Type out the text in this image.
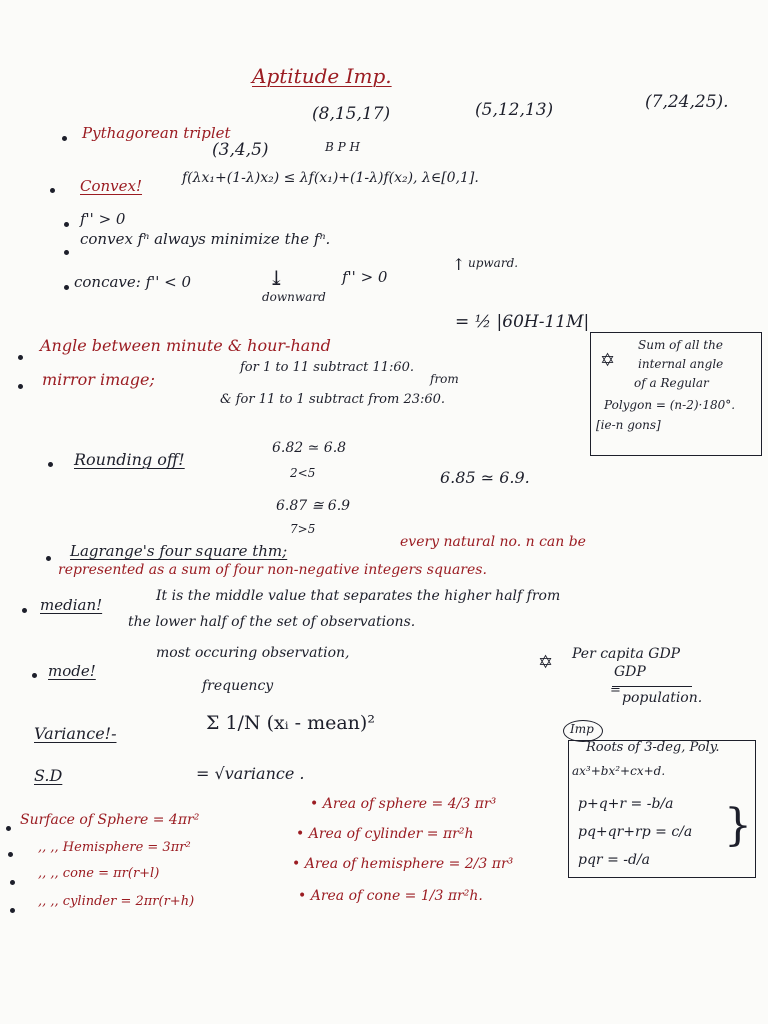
Aptitude Imp.
Pythagorean triplet
(8,15,17)	(5,12,13)	(7,24,25).
(3,4,5)	B P H
Convex!	f(λx₁+(1-λ)x₂) ≤ λf(x₁)+(1-λ)f(x₂), λ∈[0,1].
f'' > 0
convex fⁿ always minimize the fⁿ.
concave: f'' < 0	⤓
downward
f'' > 0
↑ upward.
Angle between minute & hour-hand
= ½ |60H-11M|
mirror image;
for 1 to 11 subtract 11:60.
from
& for 11 to 1 subtract from 23:60.
✡
Sum of all the
internal angle
of a Regular
Polygon = (n-2)·180°.
[ie-n gons]
Rounding off!
6.82 ≃ 6.8
2<5	6.85 ≃ 6.9.
6.87 ≅ 6.9
7>5
Lagrange's four square thm;	every natural no. n can be
represented as a sum of four non-negative integers squares.
median!	It is the middle value that separates the higher half from
the lower half of the set of observations.
mode!
most occuring observation,
frequency
✡ Per capita GDP
GDP
= population.
Variance!-	Σ 1/N (xᵢ - mean)²
S.D	= √variance .
Imp
Roots of 3-deg, Poly.
ax³+bx²+cx+d.
p+q+r = -b/a
pq+qr+rp = c/a
pqr = -d/a
}
Surface of Sphere = 4πr²
• Area of sphere = 4/3 πr³
,, ,, Hemisphere = 3πr²
• Area of cylinder = πr²h
,, ,, cone = πr(r+l)
• Area of hemisphere = 2/3 πr³
,, ,, cylinder = 2πr(r+h)	• Area of cone = 1/3 πr²h.
